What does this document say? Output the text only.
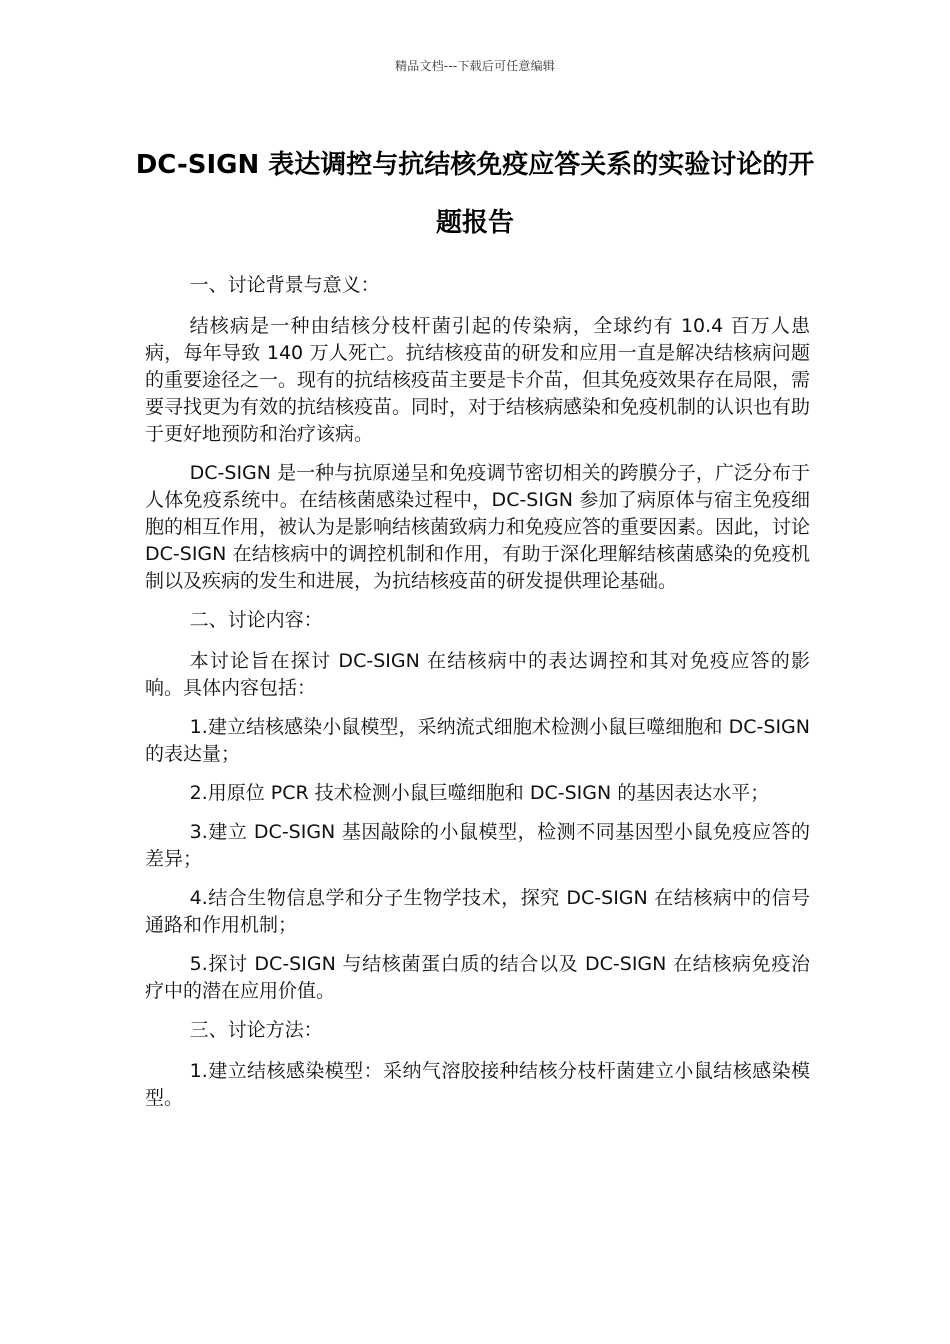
精品文档---下载后可任意编辑
DC-SIGN 表达调控与抗结核免疫应答关系的实验讨论的开题报告

一、讨论背景与意义：

结核病是一种由结核分枝杆菌引起的传染病，全球约有 10.4 百万人患病，每年导致 140 万人死亡。抗结核疫苗的研发和应用一直是解决结核病问题的重要途径之一。现有的抗结核疫苗主要是卡介苗，但其免疫效果存在局限，需要寻找更为有效的抗结核疫苗。同时，对于结核病感染和免疫机制的认识也有助于更好地预防和治疗该病。

DC-SIGN 是一种与抗原递呈和免疫调节密切相关的跨膜分子，广泛分布于人体免疫系统中。在结核菌感染过程中，DC-SIGN 参加了病原体与宿主免疫细胞的相互作用，被认为是影响结核菌致病力和免疫应答的重要因素。因此，讨论 DC-SIGN 在结核病中的调控机制和作用，有助于深化理解结核菌感染的免疫机制以及疾病的发生和进展，为抗结核疫苗的研发提供理论基础。

二、讨论内容：

本讨论旨在探讨 DC-SIGN 在结核病中的表达调控和其对免疫应答的影响。具体内容包括：

1.建立结核感染小鼠模型，采纳流式细胞术检测小鼠巨噬细胞和 DC-SIGN 的表达量；

2.用原位 PCR 技术检测小鼠巨噬细胞和 DC-SIGN 的基因表达水平；

3.建立 DC-SIGN 基因敲除的小鼠模型，检测不同基因型小鼠免疫应答的差异；

4.结合生物信息学和分子生物学技术，探究 DC-SIGN 在结核病中的信号通路和作用机制；

5.探讨 DC-SIGN 与结核菌蛋白质的结合以及 DC-SIGN 在结核病免疫治疗中的潜在应用价值。

三、讨论方法：

1.建立结核感染模型：采纳气溶胶接种结核分枝杆菌建立小鼠结核感染模型。
